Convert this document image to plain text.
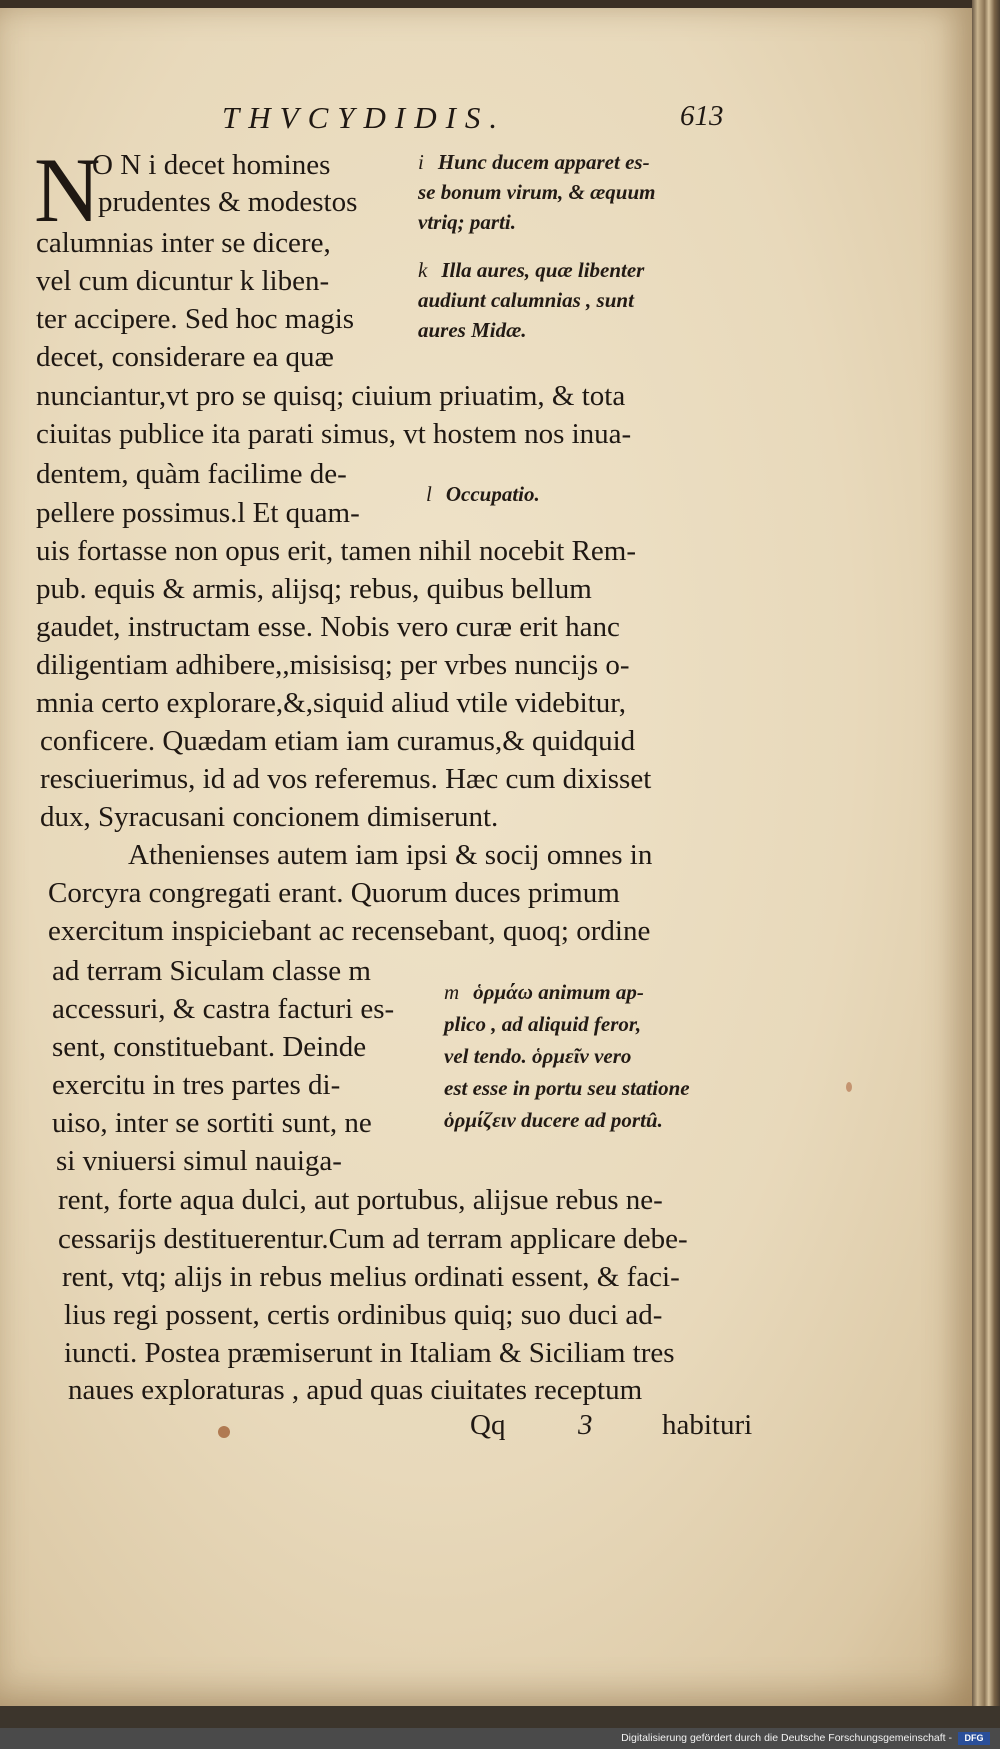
THVCYDIDIS.	613
N
O N i decet homines
prudentes & modestos
calumnias inter se dicere,
vel cum dicuntur k liben-
ter accipere. Sed hoc magis
decet, considerare ea quæ
nunciantur,vt pro se quisq; ciuium priuatim, & tota
ciuitas publice ita parati simus, vt hostem nos inua-
dentem, quàm facilime de-
pellere possimus.l Et quam-
uis fortasse non opus erit, tamen nihil nocebit Rem-
pub. equis & armis, alijsq; rebus, quibus bellum
gaudet, instructam esse. Nobis vero curæ erit hanc
diligentiam adhibere,,misisisq; per vrbes nuncijs o-
mnia certo explorare,&,siquid aliud vtile videbitur,
conficere. Quædam etiam iam curamus,& quidquid
resciuerimus, id ad vos referemus. Hæc cum dixisset
dux, Syracusani concionem dimiserunt.
Athenienses autem iam ipsi & socij omnes in
Corcyra congregati erant. Quorum duces primum
exercitum inspiciebant ac recensebant, quoq; ordine
ad terram Siculam classe m
accessuri, & castra facturi es-
sent, constituebant. Deinde
exercitu in tres partes di-
uiso, inter se sortiti sunt, ne
si vniuersi simul nauiga-
rent, forte aqua dulci, aut portubus, alijsue rebus ne-
cessarijs destituerentur.Cum ad terram applicare debe-
rent, vtq; alijs in rebus melius ordinati essent, & faci-
lius regi possent, certis ordinibus quiq; suo duci ad-
iuncti. Postea præmiserunt in Italiam & Siciliam tres
naues exploraturas , apud quas ciuitates receptum
Qq	3 habituri
i Hunc ducem apparet es-
se bonum virum, & æquum
vtriq; parti.
k Illa aures, quæ libenter
audiunt calumnias , sunt
aures Midæ.
l Occupatio.
m ὁρμάω animum ap-
plico , ad aliquid feror,
vel tendo. ὁρμεῖν vero
est esse in portu seu statione
ὁρμίζειν ducere ad portû.
Digitalisierung gefördert durch die Deutsche Forschungsgemeinschaft -	DFG
